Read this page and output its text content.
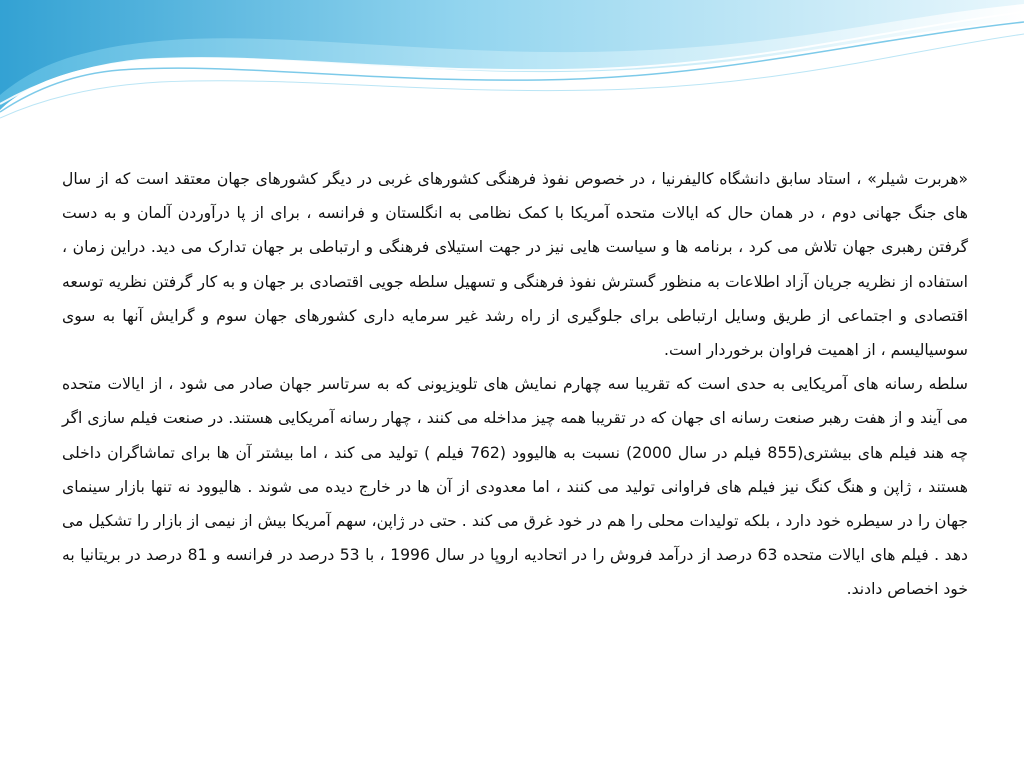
«هربرت شیلر» ، استاد سابق دانشگاه کالیفرنیا ، در خصوص نفوذ فرهنگی کشورهای غربی در دیگر کشورهای جهان معتقد است که از سال های جنگ جهانی دوم ، در همان حال که ایالات متحده آمریکا با کمک نظامی به انگلستان و فرانسه ، برای از پا درآوردن آلمان و به دست گرفتن رهبری جهان تلاش می کرد ، برنامه ها و سیاست هایی نیز در جهت استیلای فرهنگی و ارتباطی بر جهان تدارک می دید. دراین زمان ، استفاده از نظریه جریان آزاد اطلاعات به منظور گسترش نفوذ فرهنگی و تسهیل سلطه جویی اقتصادی بر جهان و به کار گرفتن نظریه توسعه اقتصادی و اجتماعی از طریق وسایل ارتباطی برای جلوگیری از راه رشد غیر سرمایه داری کشورهای جهان سوم و گرایش آنها به سوی سوسیالیسم ، از اهمیت فراوان برخوردار است.

سلطه رسانه های آمریکایی به حدی است که تقریبا سه چهارم نمایش های تلویزیونی که به سرتاسر جهان صادر می شود ، از ایالات متحده می آیند و از هفت رهبر صنعت رسانه ای جهان که در تقریبا همه چیز مداخله می کنند ، چهار رسانه آمریکایی هستند. در صنعت فیلم سازی اگر چه هند فیلم های بیشتری(855 فیلم در سال 2000) نسبت به هالیوود (762 فیلم ) تولید می کند ، اما بیشتر آن ها برای تماشاگران داخلی هستند ، ژاپن و هنگ کنگ نیز فیلم های فراوانی تولید می کنند ، اما معدودی از آن ها در خارج دیده می شوند . هالیوود نه تنها بازار سینمای جهان را در سیطره خود دارد ، بلکه تولیدات محلی را هم در خود غرق می کند . حتی در ژاپن، سهم آمریکا بیش از نیمی از بازار را تشکیل می دهد . فیلم های ایالات متحده 63 درصد از درآمد فروش را در اتحادیه اروپا در سال 1996 ، با 53 درصد در فرانسه و 81 درصد در بریتانیا به خود اخصاص دادند.
